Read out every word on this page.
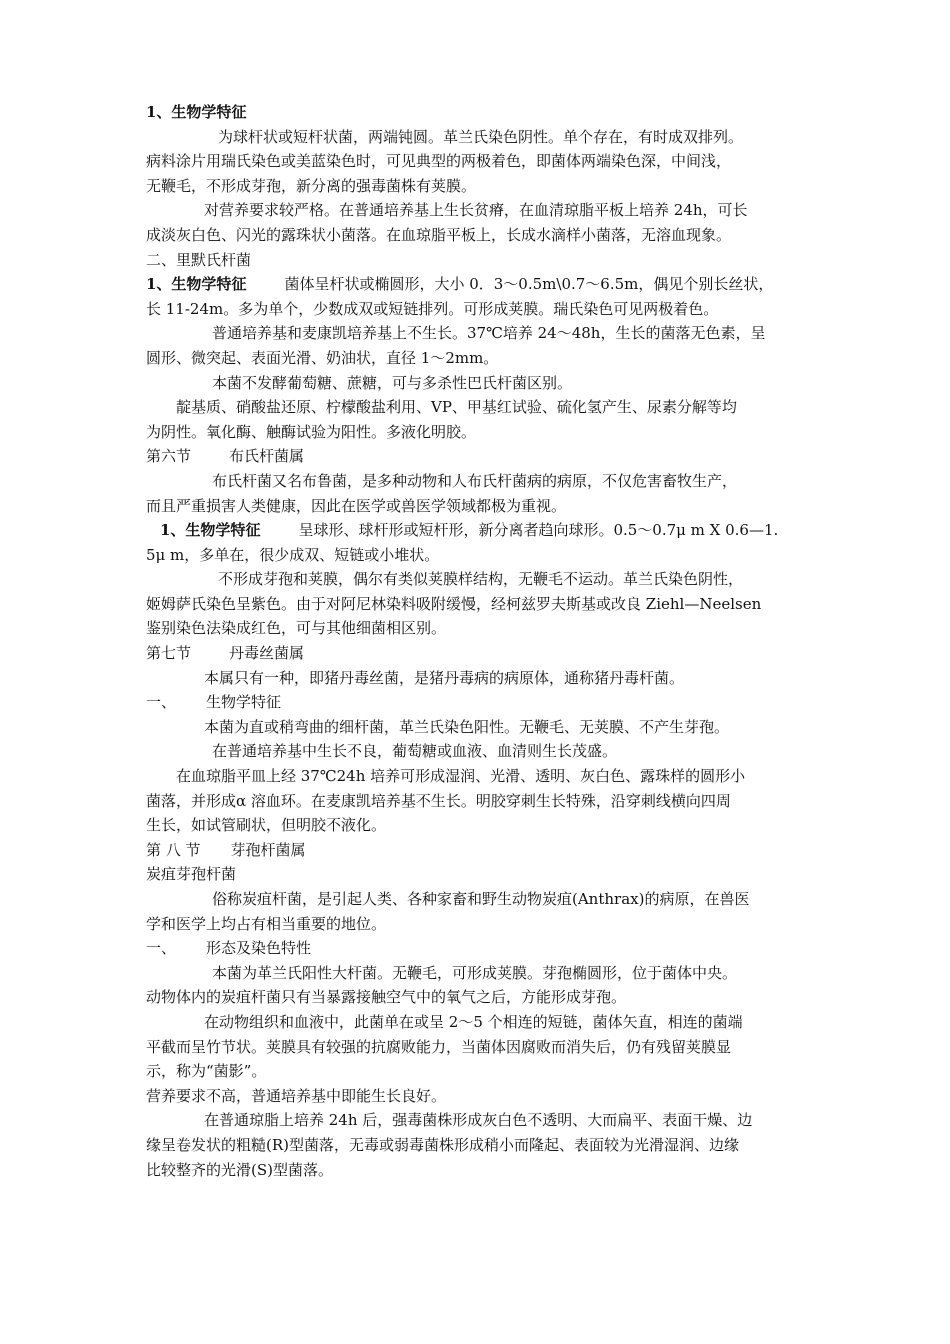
1、生物学特征
为球杆状或短杆状菌，两端钝圆。革兰氏染色阴性。单个存在，有时成双排列。
病料涂片用瑞氏染色或美蓝染色时，可见典型的两极着色，即菌体两端染色深，中间浅，
无鞭毛，不形成芽孢，新分离的强毒菌株有荚膜。
对营养要求较严格。在普通培养基上生长贫瘠，在血清琼脂平板上培养 24h，可长
成淡灰白色、闪光的露珠状小菌落。在血琼脂平板上，长成水滴样小菌落，无溶血现象。
二、里默氏杆菌
1、生物学特征	菌体呈杆状或椭圆形，大小 0．3～0.5m\0.7～6.5m，偶见个别长丝状，
长 11-24m。多为单个，少数成双或短链排列。可形成荚膜。瑞氏染色可见两极着色。
普通培养基和麦康凯培养基上不生长。37℃培养 24～48h，生长的菌落无色素，呈
圆形、微突起、表面光滑、奶油状，直径 1～2mm。
本菌不发酵葡萄糖、蔗糖，可与多杀性巴氏杆菌区别。
靛基质、硝酸盐还原、柠檬酸盐利用、VP、甲基红试验、硫化氢产生、尿素分解等均
为阴性。氧化酶、触酶试验为阳性。多液化明胶。
第六节	布氏杆菌属
布氏杆菌又名布鲁菌，是多种动物和人布氏杆菌病的病原，不仅危害畜牧生产，
而且严重损害人类健康，因此在医学或兽医学领域都极为重视。
1、生物学特征	呈球形、球杆形或短杆形，新分离者趋向球形。0.5～0.7μ m X 0.6—1.
5μ m，多单在，很少成双、短链或小堆状。
不形成芽孢和荚膜，偶尔有类似荚膜样结构，无鞭毛不运动。革兰氏染色阴性，
姬姆萨氏染色呈紫色。由于对阿尼林染料吸附缓慢，经柯兹罗夫斯基或改良 Ziehl—Neelsen
鉴别染色法染成红色，可与其他细菌相区别。
第七节	丹毒丝菌属
本属只有一种，即猪丹毒丝菌，是猪丹毒病的病原体，通称猪丹毒杆菌。
一、 生物学特征
本菌为直或稍弯曲的细杆菌，革兰氏染色阳性。无鞭毛、无荚膜、不产生芽孢。
在普通培养基中生长不良，葡萄糖或血液、血清则生长茂盛。
在血琼脂平皿上经 37℃24h 培养可形成湿润、光滑、透明、灰白色、露珠样的圆形小
菌落，并形成α 溶血环。在麦康凯培养基不生长。明胶穿刺生长特殊，沿穿刺线横向四周
生长，如试管刷状，但明胶不液化。
第 八 节 芽孢杆菌属
炭疽芽孢杆菌
俗称炭疽杆菌，是引起人类、各种家畜和野生动物炭疽(Anthrax)的病原，在兽医
学和医学上均占有相当重要的地位。
一、 形态及染色特性
本菌为革兰氏阳性大杆菌。无鞭毛，可形成荚膜。芽孢椭圆形，位于菌体中央。
动物体内的炭疽杆菌只有当暴露接触空气中的氧气之后，方能形成芽孢。
在动物组织和血液中，此菌单在或呈 2～5 个相连的短链，菌体矢直，相连的菌端
平截而呈竹节状。荚膜具有较强的抗腐败能力，当菌体因腐败而消失后，仍有残留荚膜显
示，称为“菌影”。
营养要求不高，普通培养基中即能生长良好。
在普通琼脂上培养 24h 后，强毒菌株形成灰白色不透明、大而扁平、表面干燥、边
缘呈卷发状的粗糙(R)型菌落，无毒或弱毒菌株形成稍小而隆起、表面较为光滑湿润、边缘
比较整齐的光滑(S)型菌落。
